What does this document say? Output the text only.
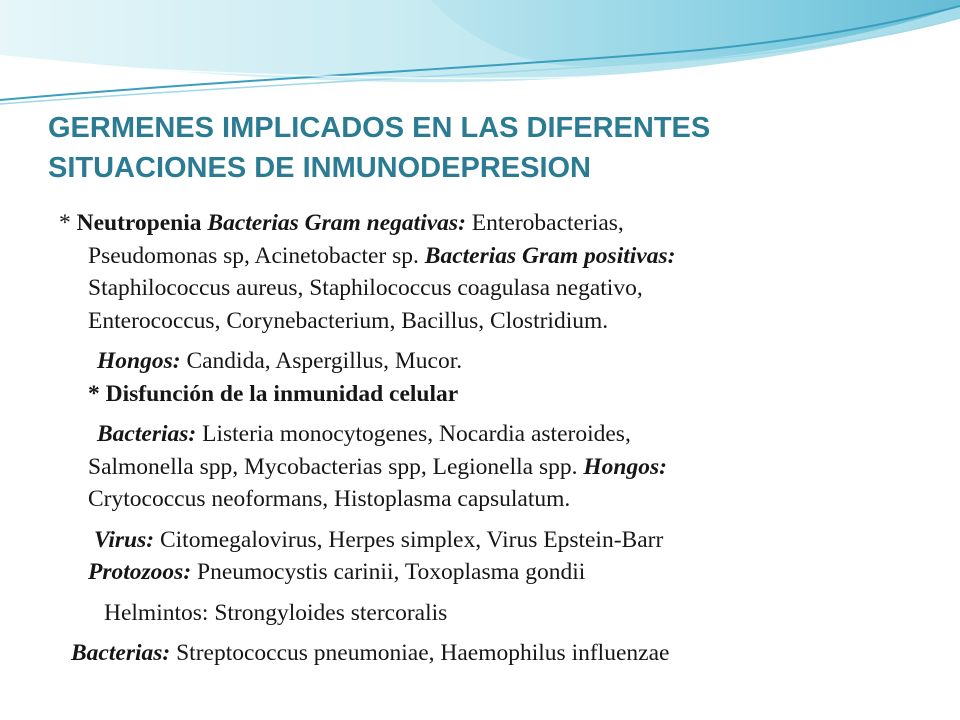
GERMENES IMPLICADOS EN LAS DIFERENTES
SITUACIONES DE INMUNODEPRESION

* Neutropenia Bacterias Gram negativas: Enterobacterias,
Pseudomonas sp, Acinetobacter sp. Bacterias Gram positivas:
Staphilococcus aureus, Staphilococcus coagulasa negativo,
Enterococcus, Corynebacterium, Bacillus, Clostridium.

Hongos: Candida, Aspergillus, Mucor.
* Disfunción de la inmunidad celular

Bacterias: Listeria monocytogenes, Nocardia asteroides,
Salmonella spp, Mycobacterias spp, Legionella spp. Hongos:
Crytococcus neoformans, Histoplasma capsulatum.

Virus: Citomegalovirus, Herpes simplex, Virus Epstein-Barr
Protozoos: Pneumocystis carinii, Toxoplasma gondii

Helmintos: Strongyloides stercoralis

Bacterias: Streptococcus pneumoniae, Haemophilus influenzae
